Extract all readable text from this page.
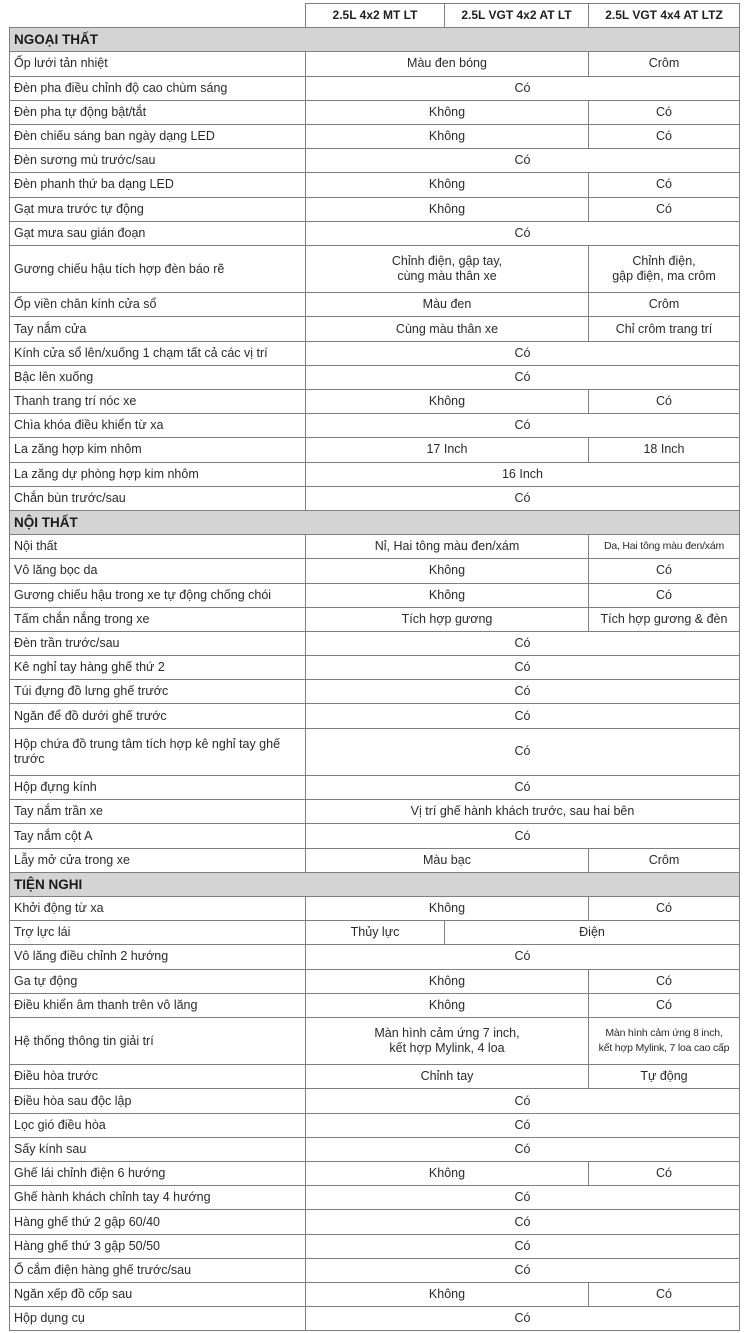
	2.5L 4x2 MT LT	2.5L VGT 4x2 AT LT	2.5L VGT 4x4 AT LTZ
NGOẠI THẤT			
Ốp lưới tản nhiệt	Màu đen bóng		Crôm
Đèn pha điều chỉnh độ cao chùm sáng	Có		
Đèn pha tự động bật/tắt	Không		Có
Đèn chiếu sáng ban ngày dạng LED	Không		Có
Đèn sương mù trước/sau	Có		
Đèn phanh thứ ba dạng LED	Không		Có
Gạt mưa trước tự động	Không		Có
Gạt mưa sau gián đoạn	Có		
Gương chiếu hậu tích hợp đèn báo rẽ	Chỉnh điện, gập tay,
cùng màu thân xe		Chỉnh điện,
gập điện, ma crôm
Ốp viền chân kính cửa sổ	Màu đen		Crôm
Tay nắm cửa	Cùng màu thân xe		Chỉ crôm trang trí
Kính cửa sổ lên/xuống 1 chạm tất cả các vị trí	Có		
Bậc lên xuống	Có		
Thanh trang trí nóc xe	Không		Có
Chìa khóa điều khiển từ xa	Có		
La zăng hợp kim nhôm	17 Inch		18 Inch
La zăng dự phòng hợp kim nhôm	16 Inch		
Chắn bùn trước/sau	Có		
NỘI THẤT			
Nội thất	Nỉ, Hai tông màu đen/xám		Da, Hai tông màu đen/xám
Vô lăng bọc da	Không		Có
Gương chiếu hậu trong xe tự động chống chói	Không		Có
Tấm chắn nắng trong xe	Tích hợp gương		Tích hợp gương & đèn
Đèn trần trước/sau	Có		
Kê nghỉ tay hàng ghế thứ 2	Có		
Túi đựng đồ lưng ghế trước	Có		
Ngăn để đồ dưới ghế trước	Có		
Hộp chứa đồ trung tâm tích hợp kê nghỉ tay ghế trước	Có		
Hộp đựng kính	Có		
Tay nắm trần xe	Vị trí ghế hành khách trước, sau hai bên		
Tay nắm cột A	Có		
Lẫy mở cửa trong xe	Màu bạc		Crôm
TIỆN NGHI			
Khởi động từ xa	Không		Có
Trợ lực lái	Thủy lực	Điện	
Vô lăng điều chỉnh 2 hướng	Có		
Ga tự động	Không		Có
Điều khiển âm thanh trên vô lăng	Không		Có
Hệ thống thông tin giải trí	Màn hình cảm ứng 7 inch,
kết hợp Mylink, 4 loa		Màn hình cảm ứng 8 inch,
kết hợp Mylink, 7 loa cao cấp
Điều hòa trước	Chỉnh tay		Tự động
Điều hòa sau độc lập	Có		
Lọc gió điều hòa	Có		
Sấy kính sau	Có		
Ghế lái chỉnh điện 6 hướng	Không		Có
Ghế hành khách chỉnh tay 4 hướng	Có		
Hàng ghế thứ 2 gập 60/40	Có		
Hàng ghế thứ 3 gập 50/50	Có		
Ổ cắm điện hàng ghế trước/sau	Có		
Ngăn xếp đồ cốp sau	Không		Có
Hộp dụng cụ	Có		
